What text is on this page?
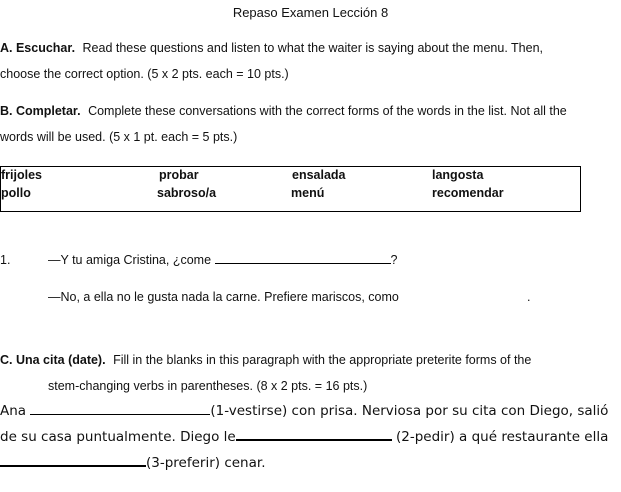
Repaso Examen Lección 8
A. Escuchar. Read these questions and listen to what the waiter is saying about the menu. Then,
choose the correct option. (5 x 2 pts. each = 10 pts.)
B. Completar. Complete these conversations with the correct forms of the words in the list. Not all the
words will be used. (5 x 1 pt. each = 5 pts.)
frijoles	probar	ensalada	langosta
pollo	sabroso/a	menú	recomendar
1.	—Y tu amiga Cristina, ¿come	?
—No, a ella no le gusta nada la carne. Prefiere mariscos, como	.
C. Una cita (date). Fill in the blanks in this paragraph with the appropriate preterite forms of the
stem-changing verbs in parentheses. (8 x 2 pts. = 16 pts.)
Ana	(1-vestirse) con prisa. Nerviosa por su cita con Diego, salió
de su casa puntualmente. Diego le	(2-pedir) a qué restaurante ella
(3-preferir) cenar.
